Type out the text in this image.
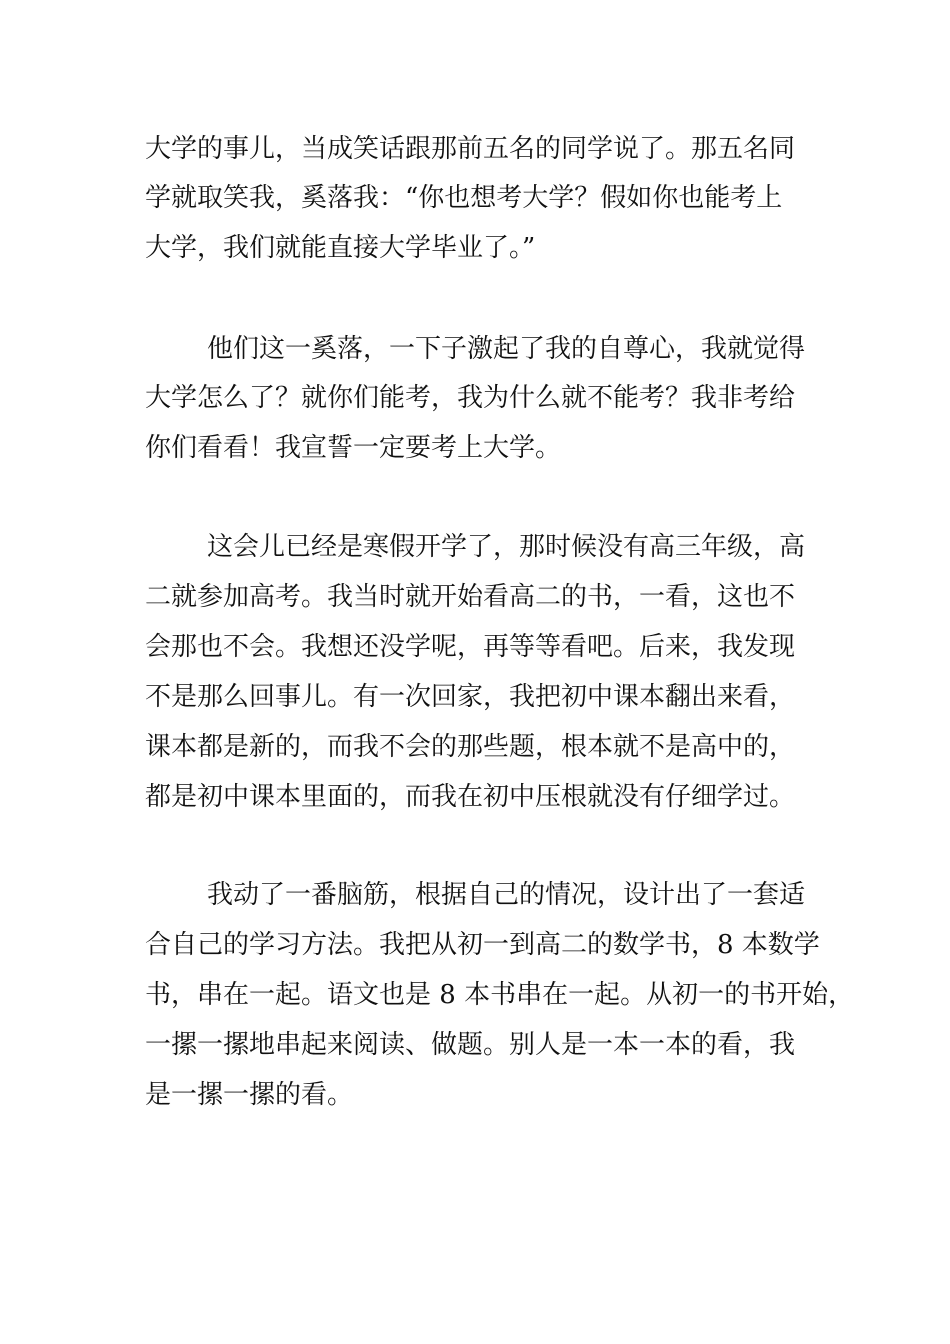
大学的事儿，当成笑话跟那前五名的同学说了。那五名同
学就取笑我，奚落我：“你也想考大学？假如你也能考上
大学，我们就能直接大学毕业了。”
他们这一奚落，一下子激起了我的自尊心，我就觉得
大学怎么了？就你们能考，我为什么就不能考？我非考给
你们看看！我宣誓一定要考上大学。
这会儿已经是寒假开学了，那时候没有高三年级，高
二就参加高考。我当时就开始看高二的书，一看，这也不
会那也不会。我想还没学呢，再等等看吧。后来，我发现
不是那么回事儿。有一次回家，我把初中课本翻出来看，
课本都是新的，而我不会的那些题，根本就不是高中的，
都是初中课本里面的，而我在初中压根就没有仔细学过。
我动了一番脑筋，根据自己的情况，设计出了一套适
合自己的学习方法。我把从初一到高二的数学书，8 本数学
书，串在一起。语文也是 8 本书串在一起。从初一的书开始，
一摞一摞地串起来阅读、做题。别人是一本一本的看，我
是一摞一摞的看。
